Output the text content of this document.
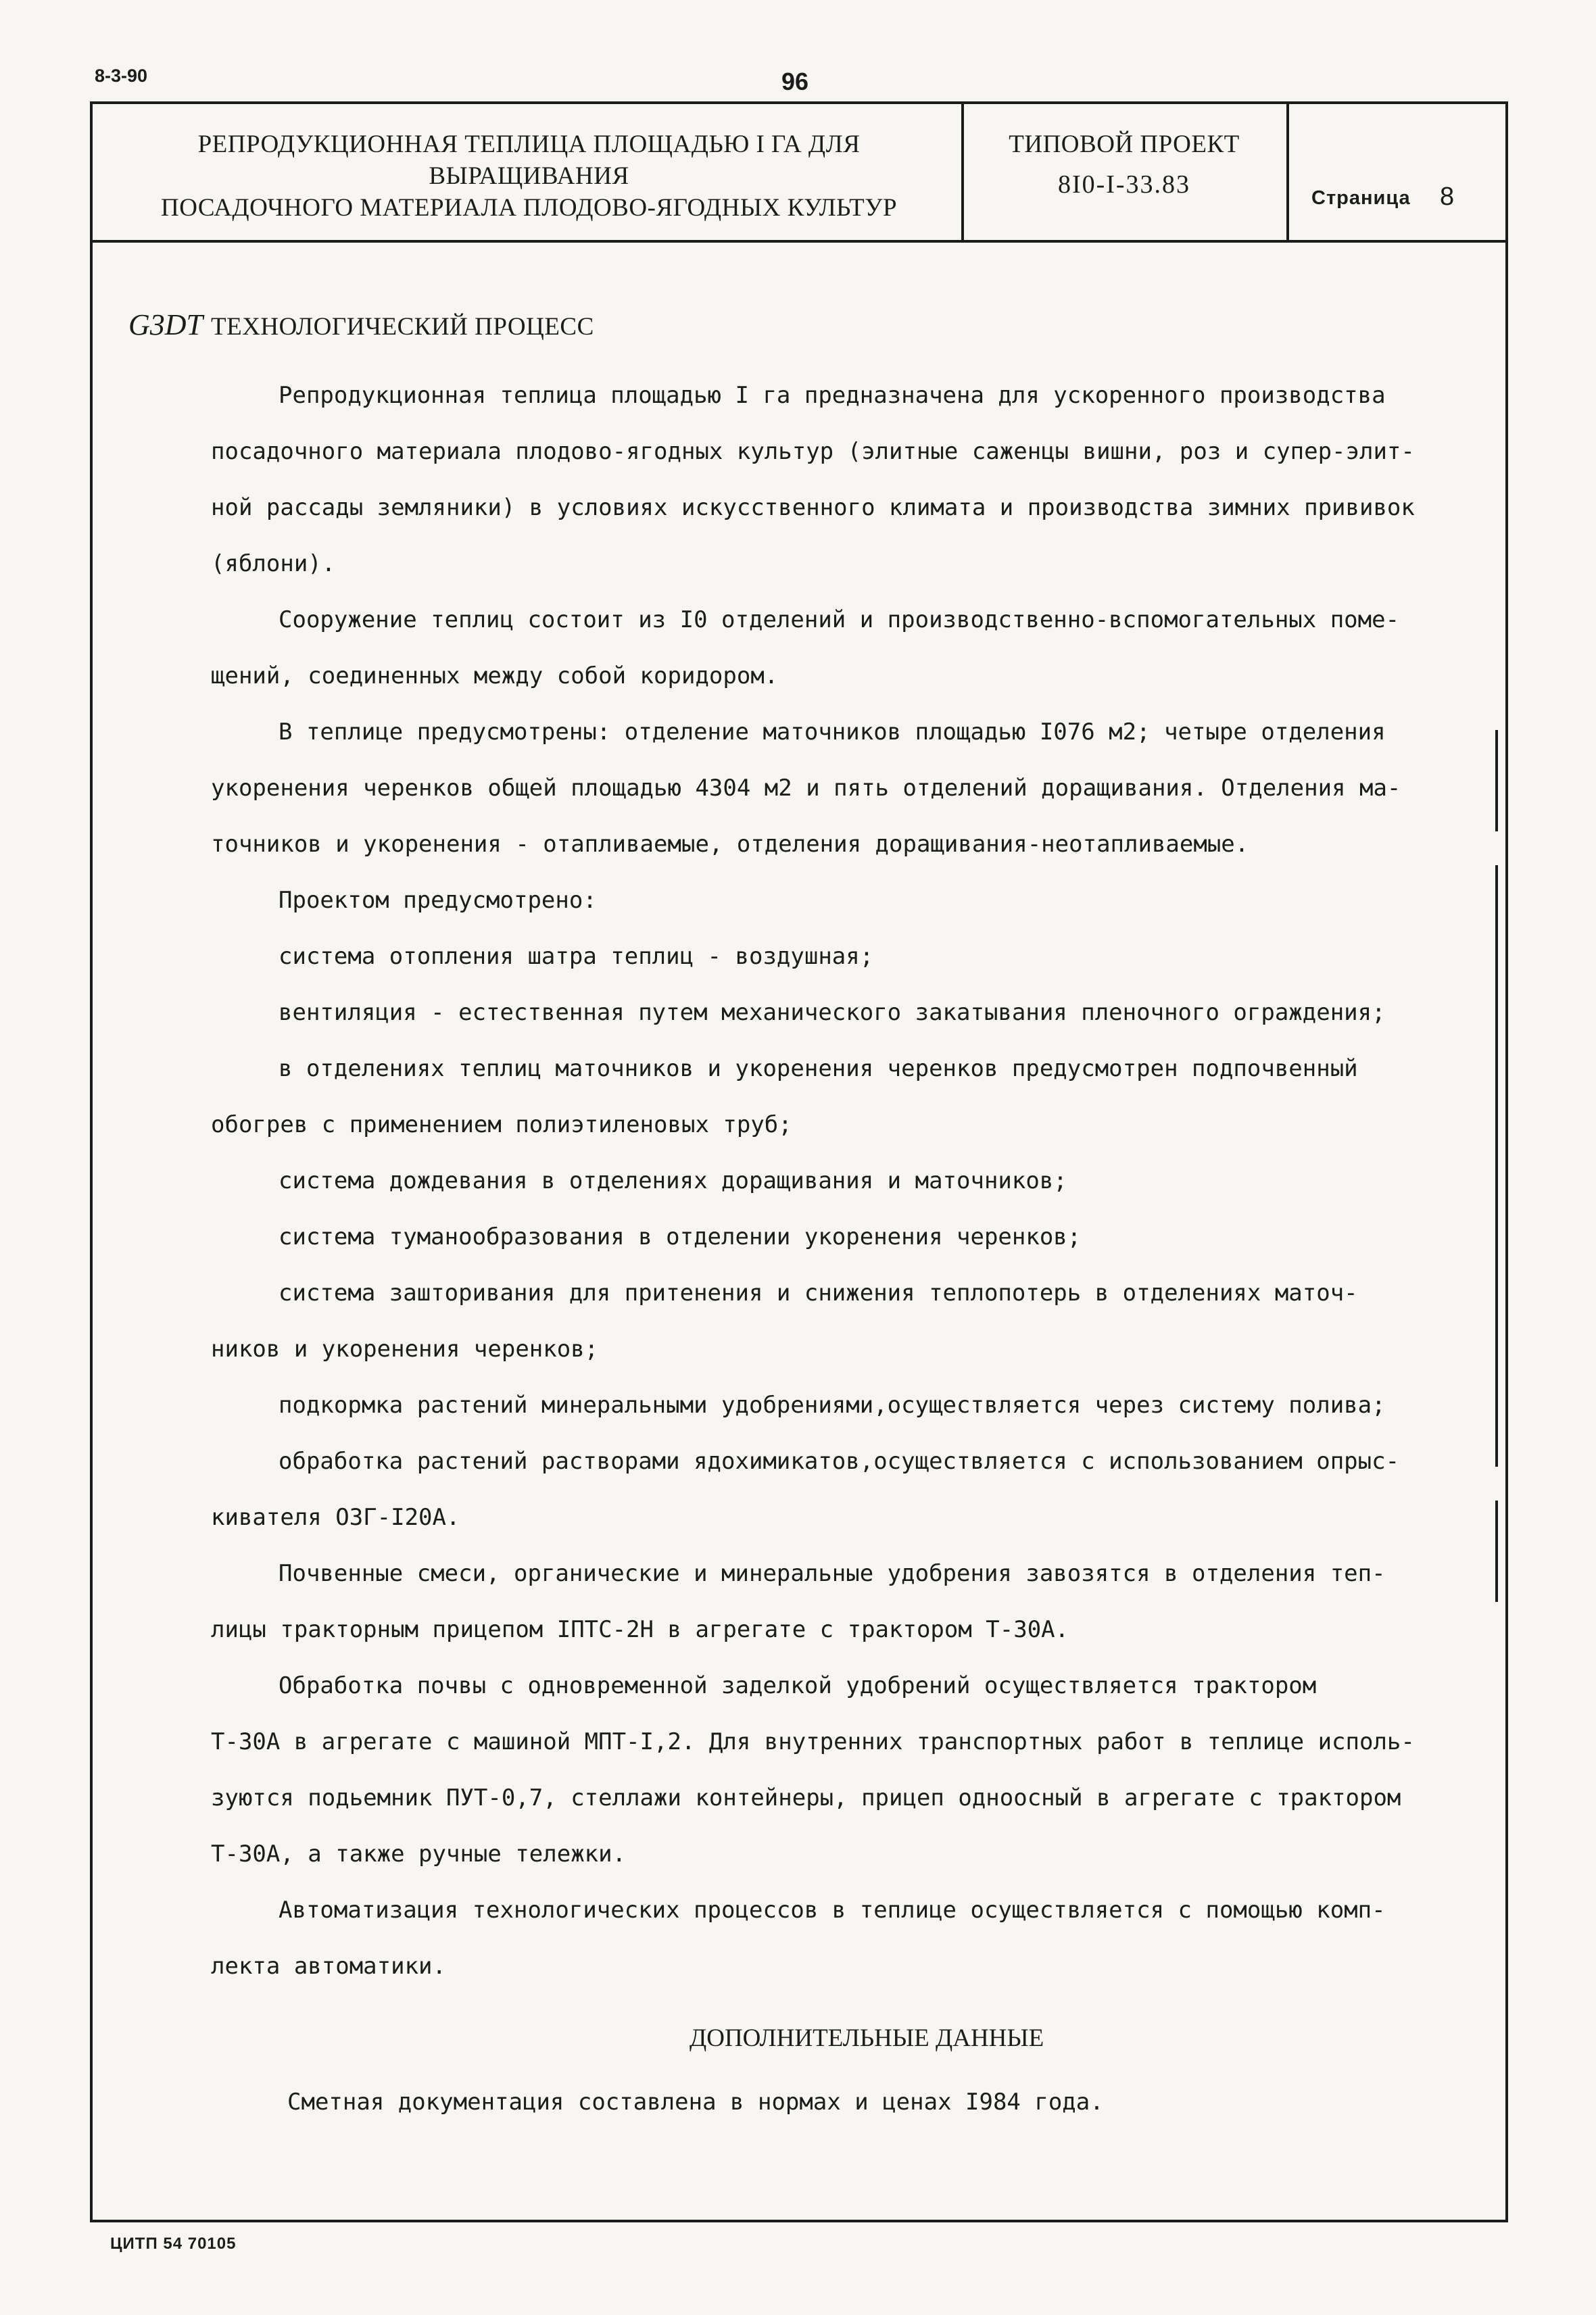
8-3-90	96
РЕПРОДУКЦИОННАЯ ТЕПЛИЦА ПЛОЩАДЬЮ I ГА ДЛЯ ВЫРАЩИВАНИЯ
ПОСАДОЧНОГО МАТЕРИАЛА ПЛОДОВО-ЯГОДНЫХ КУЛЬТУР
ТИПОВОЙ ПРОЕКТ
8I0-I-33.83	Страница 8
G3DT ТЕХНОЛОГИЧЕСКИЙ ПРОЦЕСС
Репродукционная теплица площадью I га предназначена для ускоренного производства
посадочного материала плодово-ягодных культур (элитные саженцы вишни, роз и супер-элит-
ной рассады земляники) в условиях искусственного климата и производства зимних прививок
(яблони).
Сооружение теплиц состоит из I0 отделений и производственно-вспомогательных поме-
щений, соединенных между собой коридором.
В теплице предусмотрены: отделение маточников площадью I076 м2; четыре отделения
укоренения черенков общей площадью 4304 м2 и пять отделений доращивания. Отделения ма-
точников и укоренения - отапливаемые, отделения доращивания-неотапливаемые.
Проектом предусмотрено:
система отопления шатра теплиц - воздушная;
вентиляция - естественная путем механического закатывания пленочного ограждения;
в отделениях теплиц маточников и укоренения черенков предусмотрен подпочвенный
обогрев с применением полиэтиленовых труб;
система дождевания в отделениях доращивания и маточников;
система туманообразования в отделении укоренения черенков;
система зашторивания для притенения и снижения теплопотерь в отделениях маточ-
ников и укоренения черенков;
подкормка растений минеральными удобрениями,осуществляется через систему полива;
обработка растений растворами ядохимикатов,осуществляется с использованием опрыс-
кивателя ОЗГ-I20А.
Почвенные смеси, органические и минеральные удобрения завозятся в отделения теп-
лицы тракторным прицепом IПТС-2Н в агрегате с трактором Т-30А.
Обработка почвы с одновременной заделкой удобрений осуществляется трактором
Т-30А в агрегате с машиной МПТ-I,2. Для внутренних транспортных работ в теплице исполь-
зуются подьемник ПУТ-0,7, стеллажи контейнеры, прицеп одноосный в агрегате с трактором
Т-30А, а также ручные тележки.
Автоматизация технологических процессов в теплице осуществляется с помощью комп-
лекта автоматики.
ДОПОЛНИТЕЛЬНЫЕ ДАННЫЕ
Сметная документация составлена в нормах и ценах I984 года.
ЦИТП 54 70105
